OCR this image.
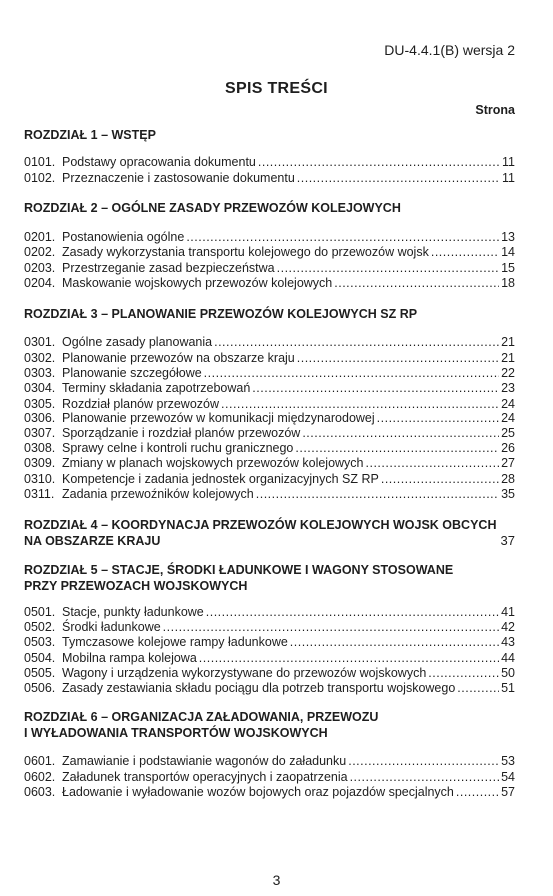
DU-4.4.1(B) wersja 2
SPIS TREŚCI
Strona
ROZDZIAŁ 1 – WSTĘP
0101. Podstawy opracowania dokumentu .....	11
0102. Przeznaczenie i zastosowanie dokumentu .....	11
ROZDZIAŁ 2 – OGÓLNE ZASADY PRZEWOZÓW KOLEJOWYCH
0201. Postanowienia ogólne .....	13
0202. Zasady wykorzystania transportu kolejowego do przewozów wojsk .....	14
0203. Przestrzeganie zasad bezpieczeństwa .....	15
0204. Maskowanie wojskowych przewozów kolejowych .....	18
ROZDZIAŁ 3 – PLANOWANIE PRZEWOZÓW KOLEJOWYCH SZ RP
0301. Ogólne zasady planowania .....	21
0302. Planowanie przewozów na obszarze kraju .....	21
0303. Planowanie szczegółowe .....	22
0304. Terminy składania zapotrzebowań .....	23
0305. Rozdział planów przewozów .....	24
0306. Planowanie przewozów w komunikacji międzynarodowej .....	24
0307. Sporządzanie i rozdział planów przewozów .....	25
0308. Sprawy celne i kontroli ruchu granicznego .....	26
0309. Zmiany w planach wojskowych przewozów kolejowych .....	27
0310. Kompetencje i zadania jednostek organizacyjnych SZ RP .....	28
0311. Zadania przewoźników kolejowych .....	35
ROZDZIAŁ 4 – KOORDYNACJA PRZEWOZÓW KOLEJOWYCH WOJSK OBCYCH
NA OBSZARZE KRAJU	37
ROZDZIAŁ 5 – STACJE, ŚRODKI ŁADUNKOWE I WAGONY STOSOWANE
PRZY PRZEWOZACH WOJSKOWYCH
0501. Stacje, punkty ładunkowe .....	41
0502. Środki ładunkowe .....	42
0503. Tymczasowe kolejowe rampy ładunkowe .....	43
0504. Mobilna rampa kolejowa .....	44
0505. Wagony i urządzenia wykorzystywane do przewozów wojskowych .....	50
0506. Zasady zestawiania składu pociągu dla potrzeb transportu wojskowego .....	51
ROZDZIAŁ 6 – ORGANIZACJA ZAŁADOWANIA, PRZEWOZU
I WYŁADOWANIA TRANSPORTÓW WOJSKOWYCH
0601. Zamawianie i podstawianie wagonów do załadunku .....	53
0602. Załadunek transportów operacyjnych i zaopatrzenia .....	54
0603. Ładowanie i wyładowanie wozów bojowych oraz pojazdów specjalnych .....	57
3
